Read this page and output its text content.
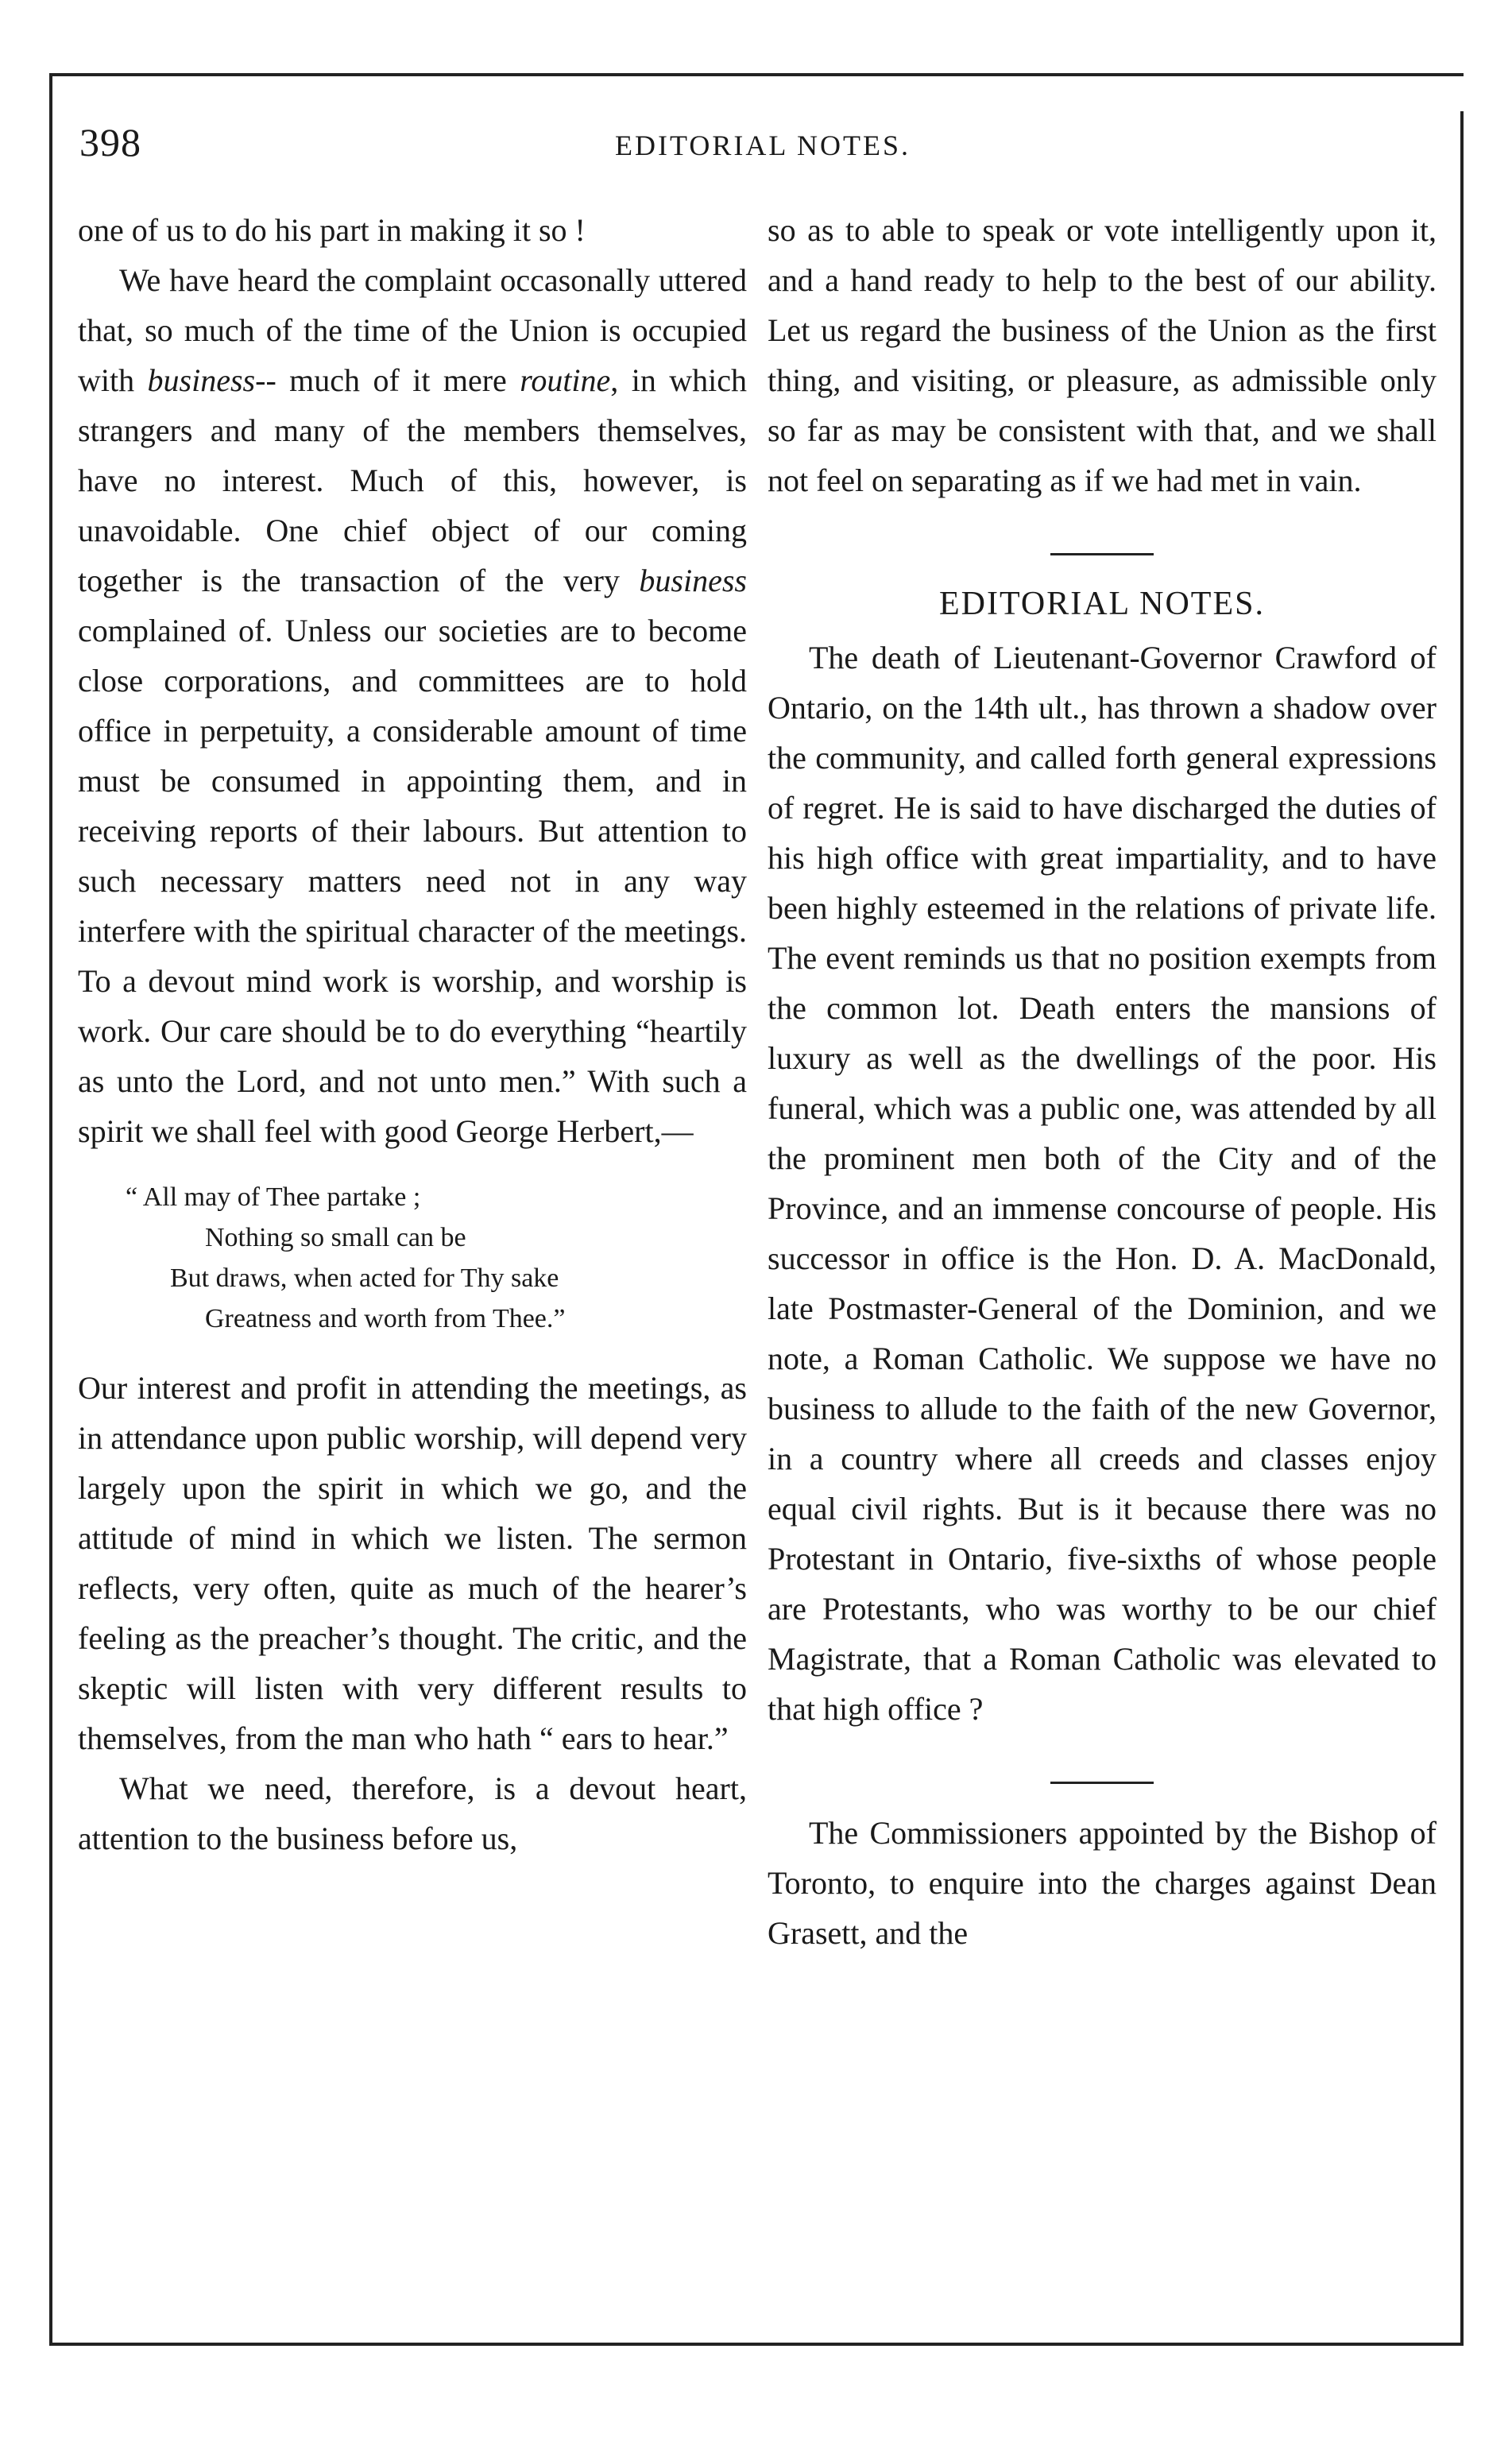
398	EDITORIAL NOTES.

one of us to do his part in making it so !

We have heard the complaint occasonally uttered that, so much of the time of the Union is occupied with business-- much of it mere routine, in which strangers and many of the members themselves, have no interest. Much of this, however, is unavoidable. One chief object of our coming together is the transaction of the very business complained of. Unless our societies are to become close corporations, and committees are to hold office in perpetuity, a considerable amount of time must be consumed in appointing them, and in receiving reports of their labours. But attention to such necessary matters need not in any way interfere with the spiritual character of the meetings. To a devout mind work is worship, and worship is work. Our care should be to do everything “heartily as unto the Lord, and not unto men.” With such a spirit we shall feel with good George Herbert,—

“ All may of Thee partake ;
Nothing so small can be
But draws, when acted for Thy sake
Greatness and worth from Thee.”

Our interest and profit in attending the meetings, as in attendance upon public worship, will depend very largely upon the spirit in which we go, and the attitude of mind in which we listen. The sermon reflects, very often, quite as much of the hearer’s feeling as the preacher’s thought. The critic, and the skeptic will listen with very different results to themselves, from the man who hath “ ears to hear.”

What we need, therefore, is a devout heart, attention to the business before us,

so as to able to speak or vote intelligently upon it, and a hand ready to help to the best of our ability. Let us regard the business of the Union as the first thing, and visiting, or pleasure, as admissible only so far as may be consistent with that, and we shall not feel on separating as if we had met in vain.

EDITORIAL NOTES.

The death of Lieutenant-Governor Crawford of Ontario, on the 14th ult., has thrown a shadow over the community, and called forth general expressions of regret. He is said to have discharged the duties of his high office with great impartiality, and to have been highly esteemed in the relations of private life. The event reminds us that no position exempts from the common lot. Death enters the mansions of luxury as well as the dwellings of the poor. His funeral, which was a public one, was attended by all the prominent men both of the City and of the Province, and an immense concourse of people. His successor in office is the Hon. D. A. MacDonald, late Postmaster-General of the Dominion, and we note, a Roman Catholic. We suppose we have no business to allude to the faith of the new Governor, in a country where all creeds and classes enjoy equal civil rights. But is it because there was no Protestant in Ontario, five-sixths of whose people are Protestants, who was worthy to be our chief Magistrate, that a Roman Catholic was elevated to that high office ?

The Commissioners appointed by the Bishop of Toronto, to enquire into the charges against Dean Grasett, and the
